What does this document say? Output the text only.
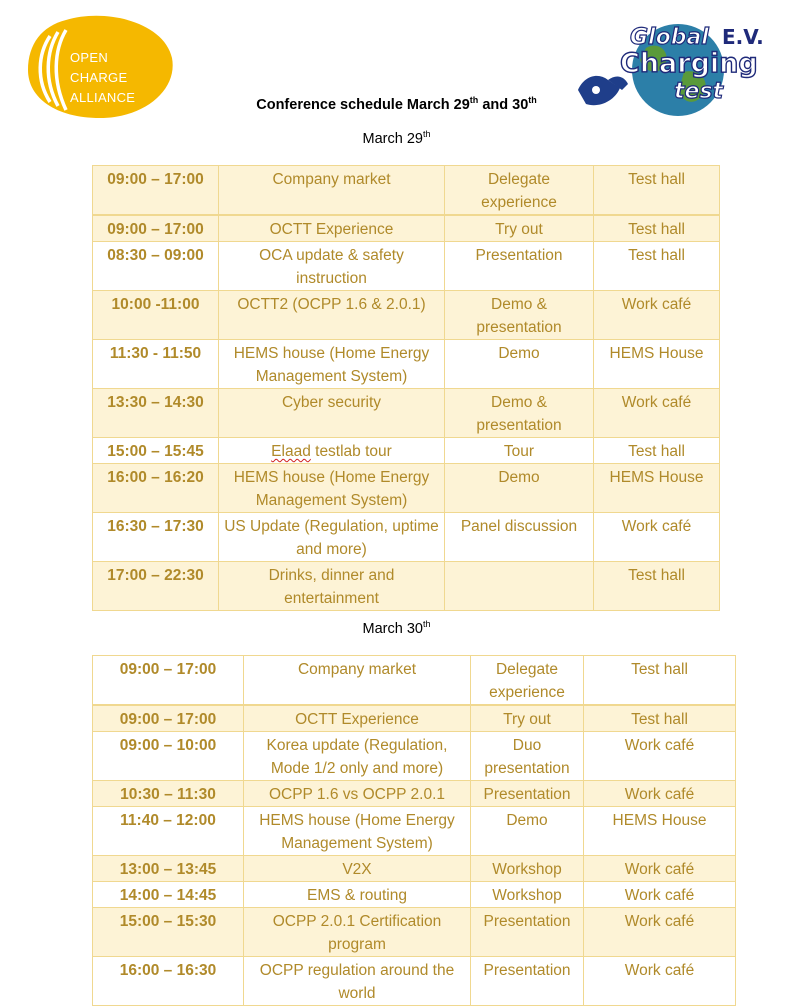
OPEN
CHARGE
ALLIANCE
Global E.V.
Charging
test
Conference schedule March 29th and 30th
March 29th
09:00 – 17:00	Company market	Delegate experience	Test hall
09:00 – 17:00	OCTT Experience	Try out	Test hall
08:30 – 09:00	OCA update & safety instruction	Presentation	Test hall
10:00 -11:00	OCTT2 (OCPP 1.6 & 2.0.1)	Demo & presentation	Work café
11:30 - 11:50	HEMS house (Home Energy Management System)	Demo	HEMS House
13:30 – 14:30	Cyber security	Demo & presentation	Work café
15:00 – 15:45	Elaad testlab tour	Tour	Test hall
16:00 – 16:20	HEMS house (Home Energy Management System)	Demo	HEMS House
16:30 – 17:30	US Update (Regulation, uptime and more)	Panel discussion	Work café
17:00 – 22:30	Drinks, dinner and entertainment		Test hall
March 30th
09:00 – 17:00	Company market	Delegate experience	Test hall
09:00 – 17:00	OCTT Experience	Try out	Test hall
09:00 – 10:00	Korea update (Regulation, Mode 1/2 only and more)	Duo presentation	Work café
10:30 – 11:30	OCPP 1.6 vs OCPP 2.0.1	Presentation	Work café
11:40 – 12:00	HEMS house (Home Energy Management System)	Demo	HEMS House
13:00 – 13:45	V2X	Workshop	Work café
14:00 – 14:45	EMS & routing	Workshop	Work café
15:00 – 15:30	OCPP 2.0.1 Certification program	Presentation	Work café
16:00 – 16:30	OCPP regulation around the world	Presentation	Work café
